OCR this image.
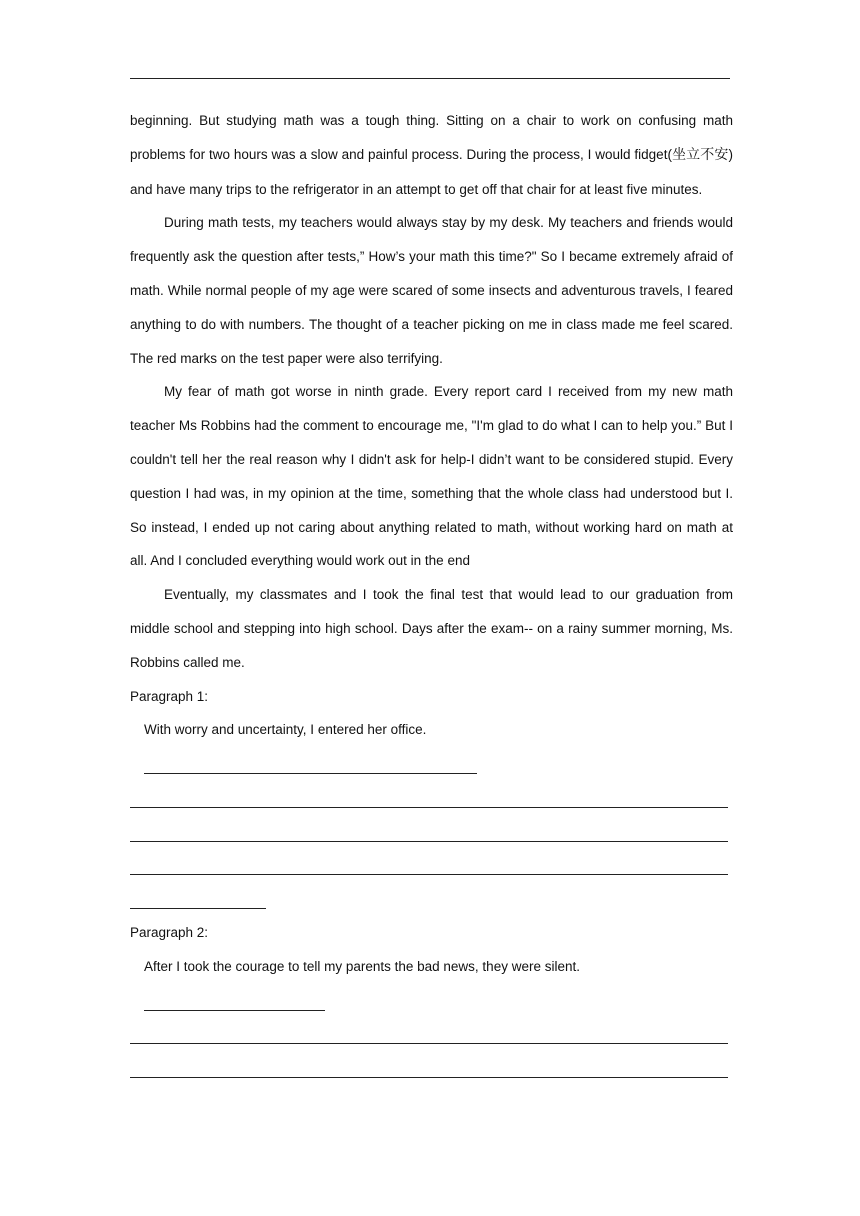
beginning. But studying math was a tough thing. Sitting on a chair to work on confusing math problems for two hours was a slow and painful process. During the process, I would fidget(坐立不安) and have many trips to the refrigerator in an attempt to get off that chair for at least five minutes.

During math tests, my teachers would always stay by my desk. My teachers and friends would frequently ask the question after tests,” How’s your math this time?" So I became extremely afraid of math. While normal people of my age were scared of some insects and adventurous travels, I feared anything to do with numbers. The thought of a teacher picking on me in class made me feel scared. The red marks on the test paper were also terrifying.

My fear of math got worse in ninth grade. Every report card I received from my new math teacher Ms Robbins had the comment to encourage me, "I'm glad to do what I can to help you.” But I couldn't tell her the real reason why I didn't ask for help-I didn’t want to be considered stupid. Every question I had was, in my opinion at the time, something that the whole class had understood but I. So instead, I ended up not caring about anything related to math, without working hard on math at all. And I concluded everything would work out in the end

Eventually, my classmates and I took the final test that would lead to our graduation from middle school and stepping into high school. Days after the exam-- on a rainy summer morning, Ms. Robbins called me.

Paragraph 1:

With worry and uncertainty, I entered her office.

Paragraph 2:

After I took the courage to tell my parents the bad news, they were silent.
